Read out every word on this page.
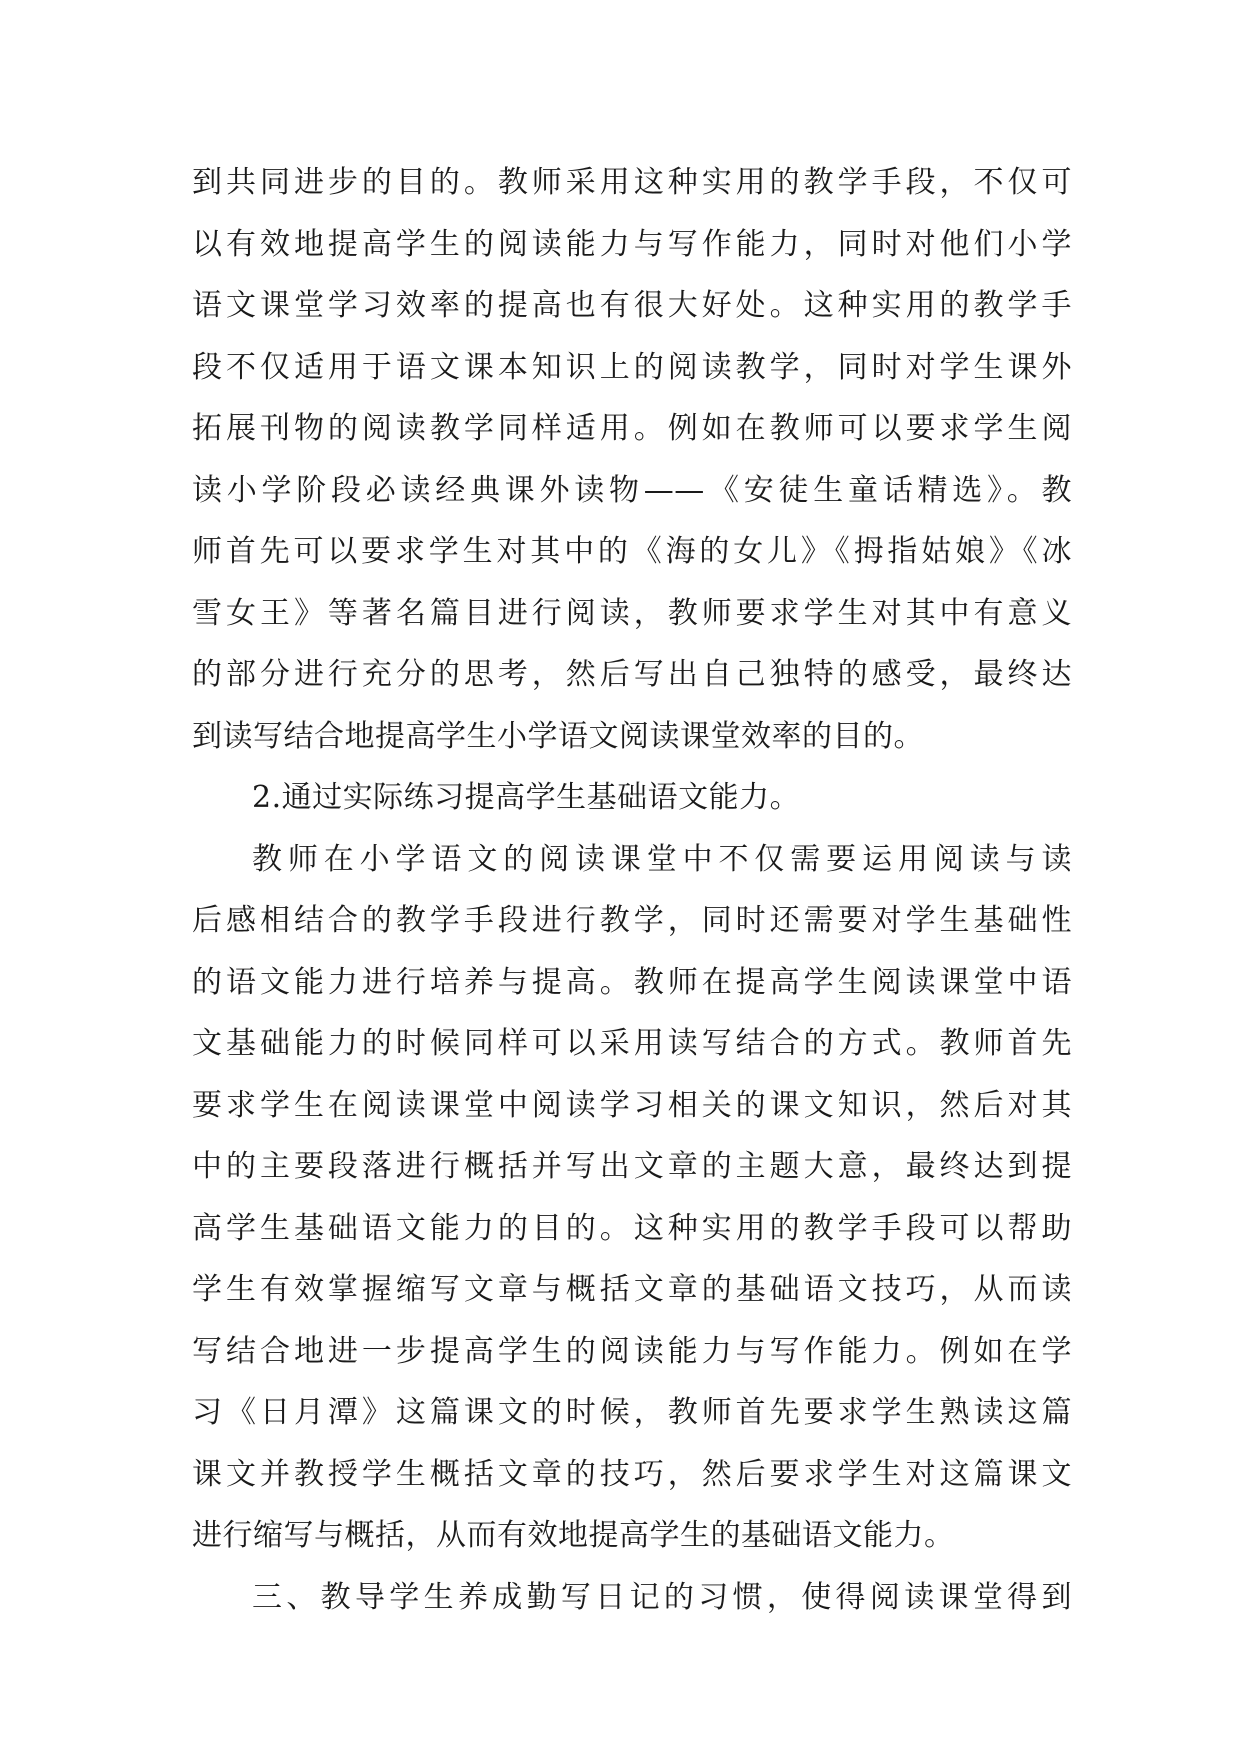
到共同进步的目的。教师采用这种实用的教学手段，不仅可
以有效地提高学生的阅读能力与写作能力，同时对他们小学
语文课堂学习效率的提高也有很大好处。这种实用的教学手
段不仅适用于语文课本知识上的阅读教学，同时对学生课外
拓展刊物的阅读教学同样适用。例如在教师可以要求学生阅
读小学阶段必读经典课外读物——《安徒生童话精选》。教
师首先可以要求学生对其中的《海的女儿》《拇指姑娘》《冰
雪女王》等著名篇目进行阅读，教师要求学生对其中有意义
的部分进行充分的思考，然后写出自己独特的感受，最终达
到读写结合地提高学生小学语文阅读课堂效率的目的。
2.通过实际练习提高学生基础语文能力。
教师在小学语文的阅读课堂中不仅需要运用阅读与读
后感相结合的教学手段进行教学，同时还需要对学生基础性
的语文能力进行培养与提高。教师在提高学生阅读课堂中语
文基础能力的时候同样可以采用读写结合的方式。教师首先
要求学生在阅读课堂中阅读学习相关的课文知识，然后对其
中的主要段落进行概括并写出文章的主题大意，最终达到提
高学生基础语文能力的目的。这种实用的教学手段可以帮助
学生有效掌握缩写文章与概括文章的基础语文技巧，从而读
写结合地进一步提高学生的阅读能力与写作能力。例如在学
习《日月潭》这篇课文的时候，教师首先要求学生熟读这篇
课文并教授学生概括文章的技巧，然后要求学生对这篇课文
进行缩写与概括，从而有效地提高学生的基础语文能力。
三、教导学生养成勤写日记的习惯，使得阅读课堂得到
